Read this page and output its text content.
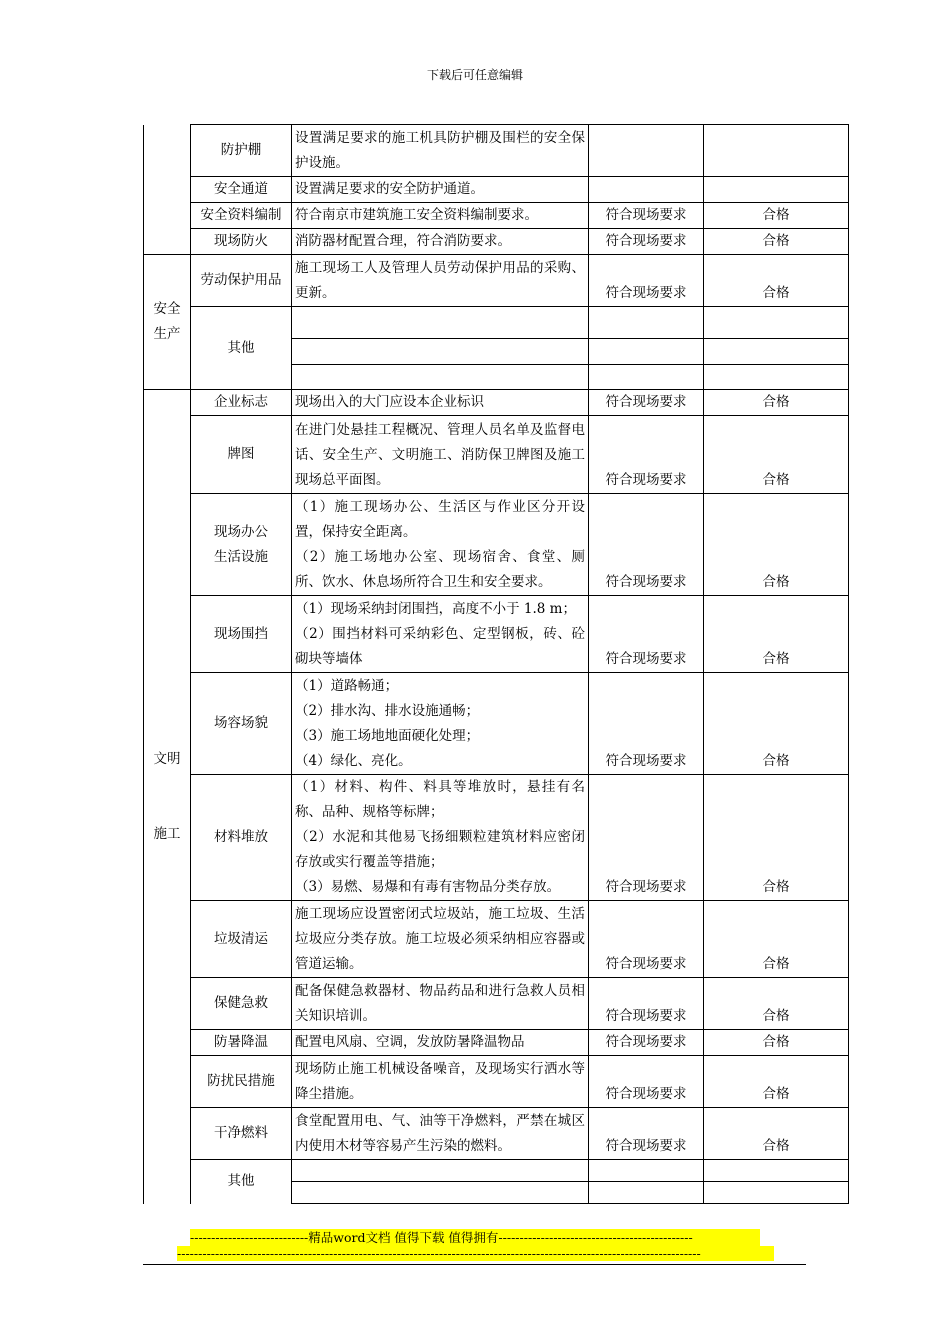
下载后可任意编辑
	防护棚	设置满足要求的施工机具防护棚及围栏的安全保护设施。		
	安全通道	设置满足要求的安全防护通道。		
	安全资料编制	符合南京市建筑施工安全资料编制要求。	符合现场要求	合格
	现场防火	消防器材配置合理，符合消防要求。	符合现场要求	合格

安全
生产	劳动保护用品	施工现场工人及管理人员劳动保护用品的采购、更新。	符合现场要求	合格
	其他			

文明
施工	企业标志	现场出入的大门应设本企业标识	符合现场要求	合格
	牌图	在进门处悬挂工程概况、管理人员名单及监督电话、安全生产、文明施工、消防保卫牌图及施工现场总平面图。	符合现场要求	合格

	现场办公
生活设施	（1）施工现场办公、生活区与作业区分开设置，保持安全距离。
（2）施工场地办公室、现场宿舍、食堂、厕所、饮水、休息场所符合卫生和安全要求。	符合现场要求	合格
	现场围挡	（1）现场采纳封闭围挡，高度不小于 1.8 m；
（2）围挡材料可采纳彩色、定型钢板，砖、砼砌块等墙体	符合现场要求	合格
	场容场貌	（1）道路畅通；
（2）排水沟、排水设施通畅；
（3）施工场地地面硬化处理；
（4）绿化、亮化。	符合现场要求	合格
	材料堆放	（1）材料、构件、料具等堆放时，悬挂有名称、品种、规格等标牌；
（2）水泥和其他易飞扬细颗粒建筑材料应密闭存放或实行覆盖等措施；
（3）易燃、易爆和有毒有害物品分类存放。	符合现场要求	合格
	垃圾清运	施工现场应设置密闭式垃圾站，施工垃圾、生活垃圾应分类存放。施工垃圾必须采纳相应容器或管道运输。	符合现场要求	合格
	保健急救	配备保健急救器材、物品药品和进行急救人员相关知识培训。	符合现场要求	合格
	防暑降温	配置电风扇、空调，发放防暑降温物品	符合现场要求	合格
	防扰民措施	现场防止施工机械设备噪音，及现场实行洒水等降尘措施。	符合现场要求	合格
	干净燃料	食堂配置用电、气、油等干净燃料，严禁在城区内使用木材等容易产生污染的燃料。	符合现场要求	合格
	其他			

----------------------------精品word文档 值得下载 值得拥有----------------------------------------------
----------------------------------------------------------------------------------------------------------------------------
